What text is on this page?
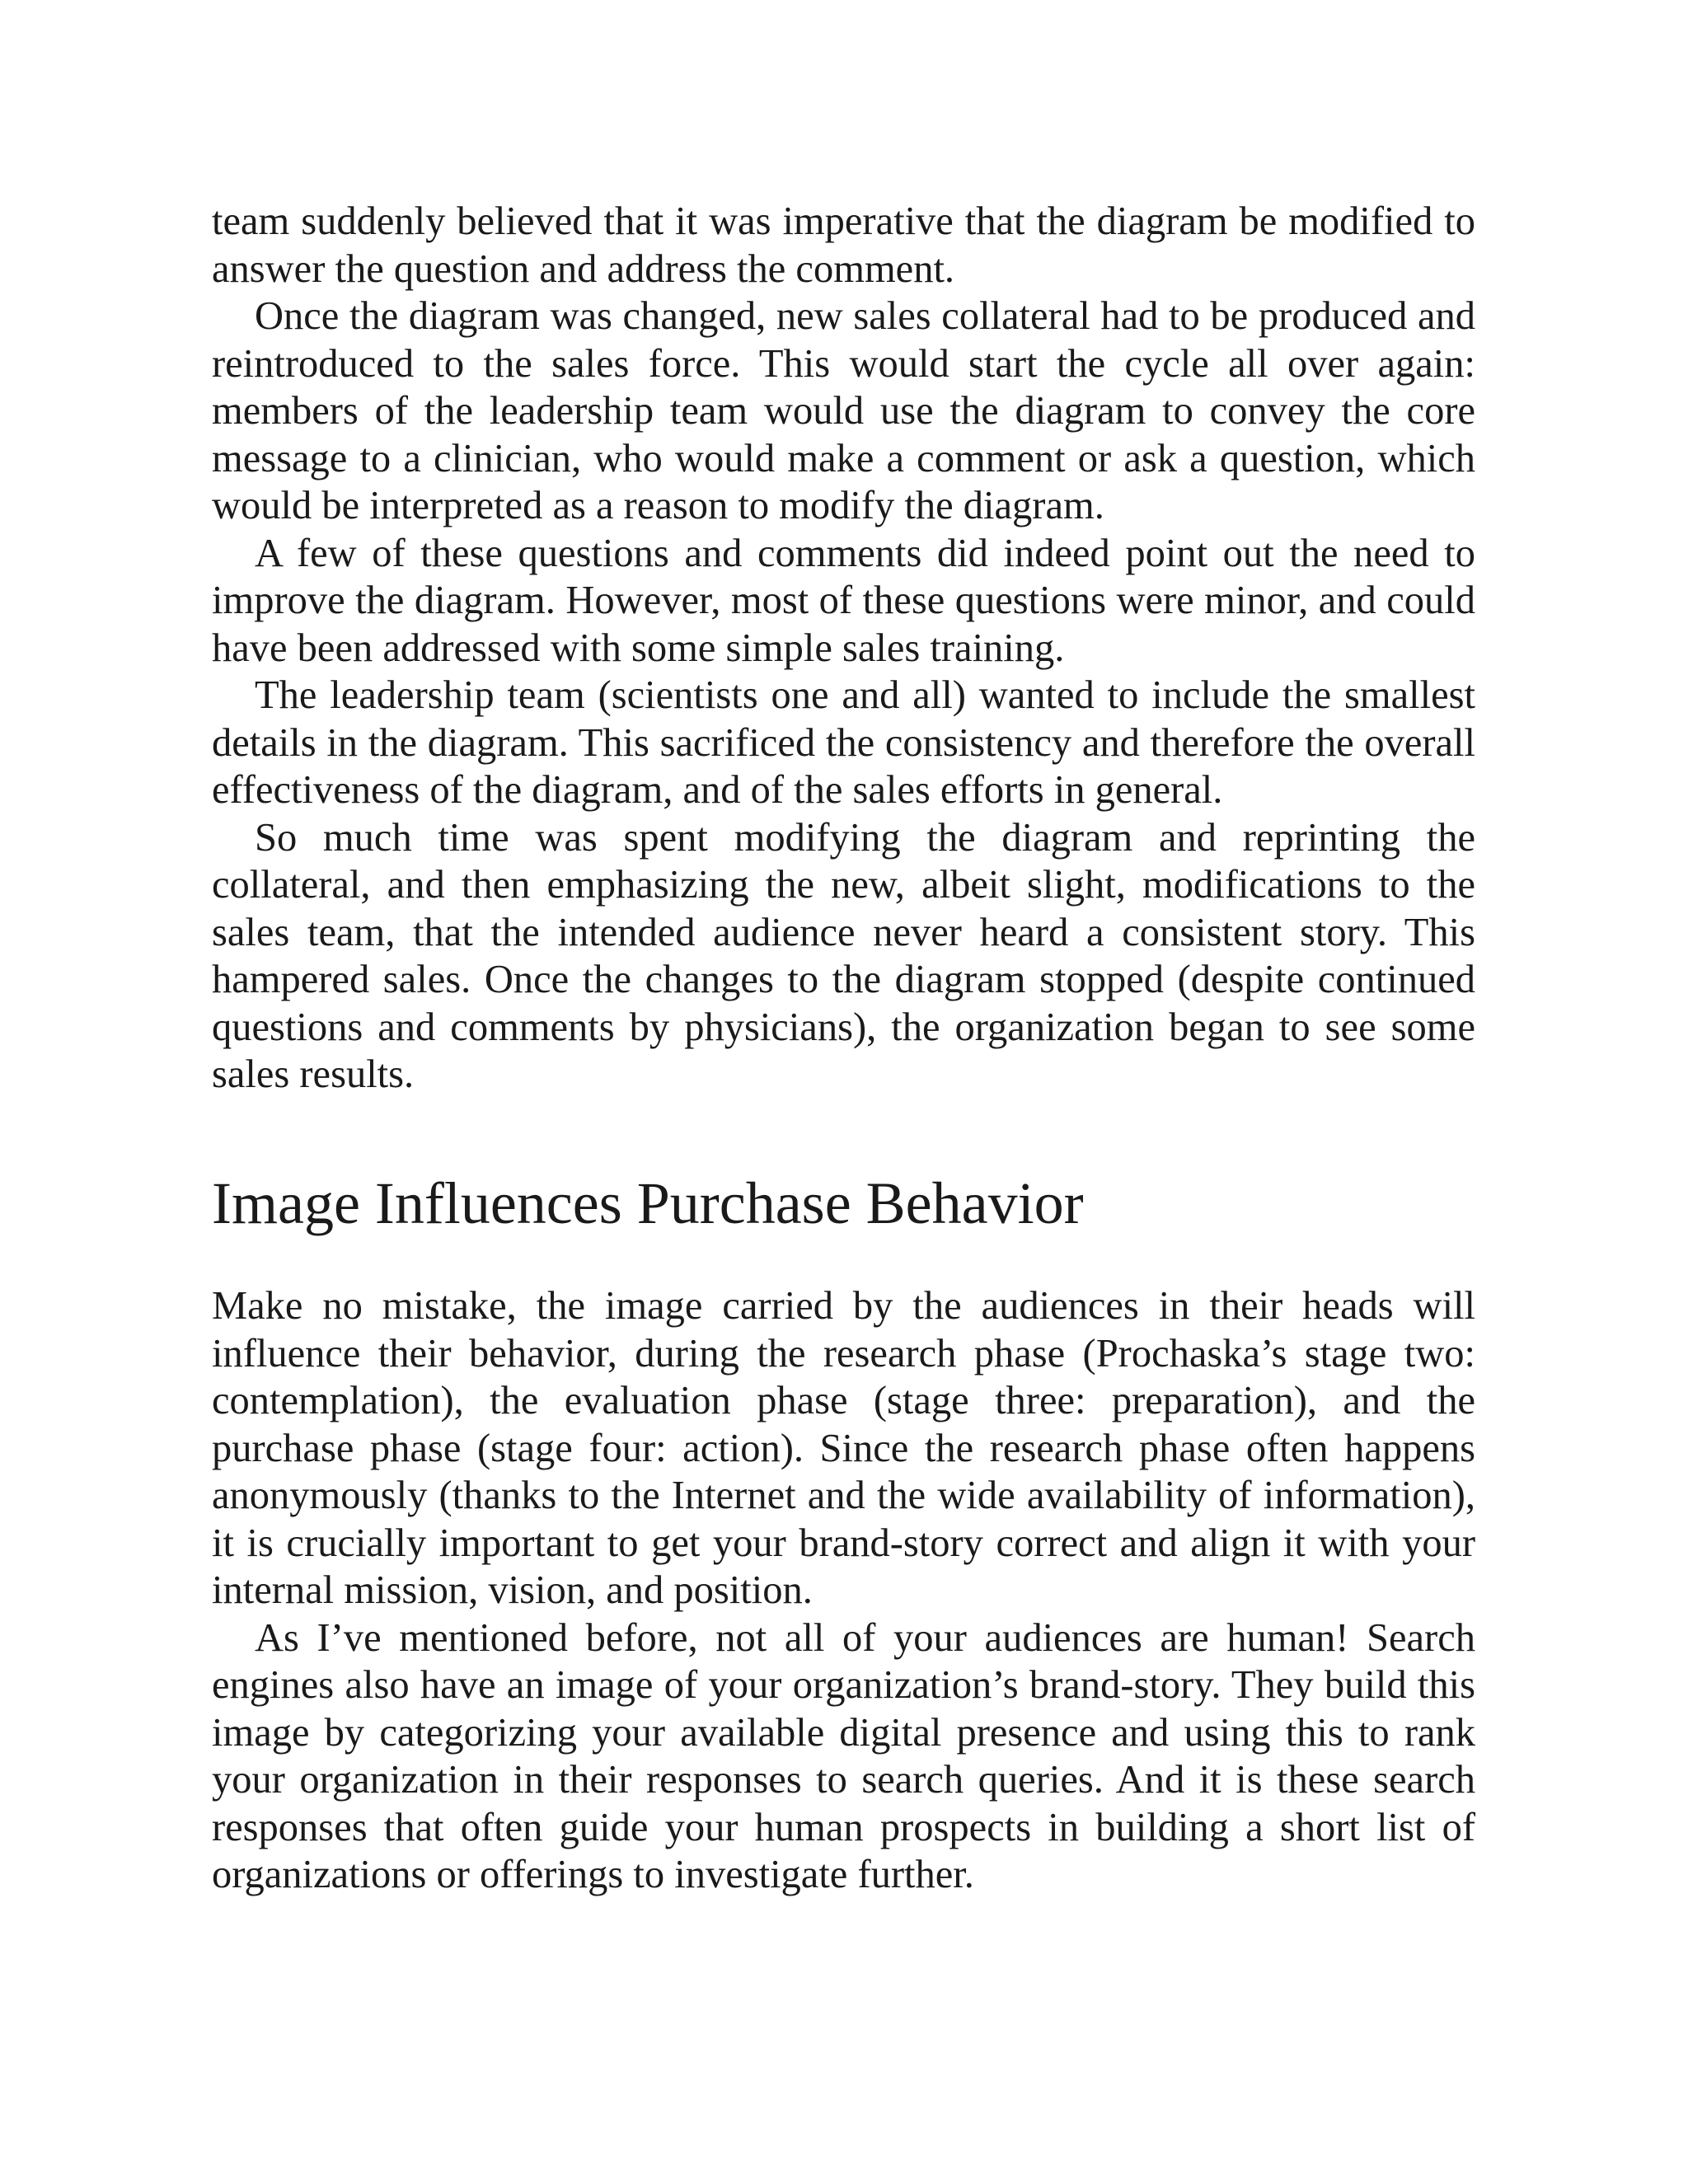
team suddenly believed that it was imperative that the diagram be modified to answer the question and address the comment.

Once the diagram was changed, new sales collateral had to be produced and reintroduced to the sales force. This would start the cycle all over again: members of the leadership team would use the diagram to convey the core message to a clinician, who would make a comment or ask a question, which would be interpreted as a reason to modify the diagram.

A few of these questions and comments did indeed point out the need to improve the diagram. However, most of these questions were minor, and could have been addressed with some simple sales training.

The leadership team (scientists one and all) wanted to include the smallest details in the diagram. This sacrificed the consistency and therefore the overall effectiveness of the diagram, and of the sales efforts in general.

So much time was spent modifying the diagram and reprinting the collateral, and then emphasizing the new, albeit slight, modifications to the sales team, that the intended audience never heard a consistent story. This hampered sales. Once the changes to the diagram stopped (despite continued questions and comments by physicians), the organization began to see some sales results.

Image Influences Purchase Behavior

Make no mistake, the image carried by the audiences in their heads will influence their behavior, during the research phase (Prochaska’s stage two: contemplation), the evaluation phase (stage three: preparation), and the purchase phase (stage four: action). Since the research phase often happens anonymously (thanks to the Internet and the wide availability of information), it is crucially important to get your brand-story correct and align it with your internal mission, vision, and position.

As I’ve mentioned before, not all of your audiences are human! Search engines also have an image of your organization’s brand-story. They build this image by categorizing your available digital presence and using this to rank your organization in their responses to search queries. And it is these search responses that often guide your human prospects in building a short list of organizations or offerings to investigate further.
